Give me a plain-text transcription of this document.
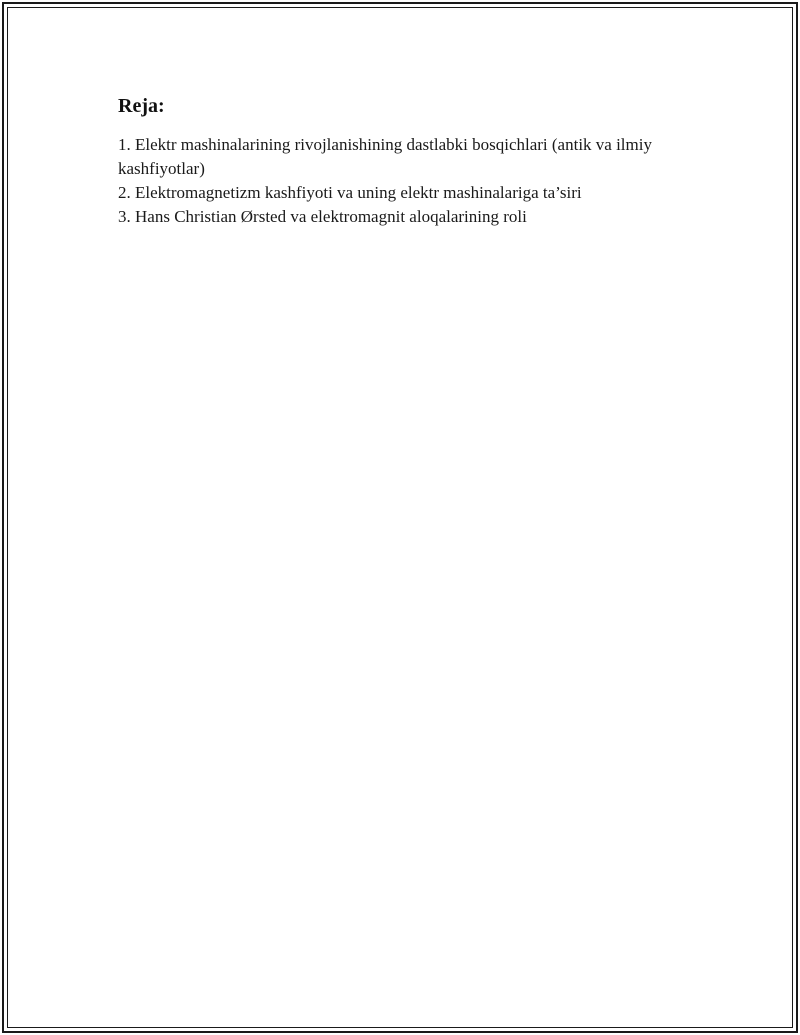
Reja:
1. Elektr mashinalarining rivojlanishining dastlabki bosqichlari (antik va ilmiy kashfiyotlar)
2. Elektromagnetizm kashfiyoti va uning elektr mashinalariga ta’siri
3. Hans Christian Ørsted va elektromagnit aloqalarining roli
